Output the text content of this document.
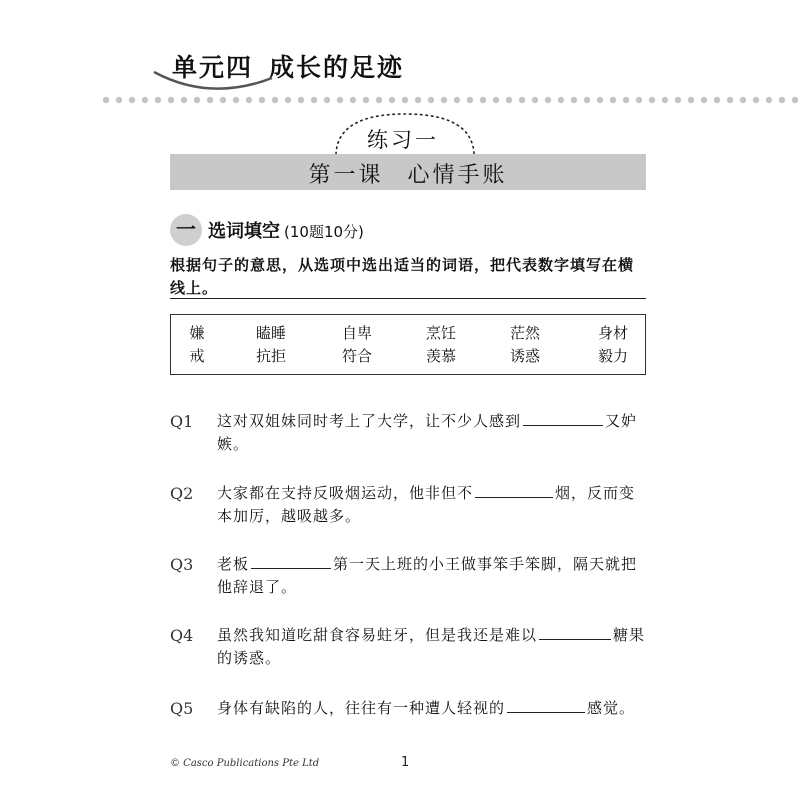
单元四 成长的足迹
练习一
第一课 心情手账
一 选词填空 (10题10分)
根据句子的意思，从选项中选出适当的词语，把代表数字填写在横线上。
嫌	瞌睡	自卑	烹饪	茫然	身材
戒	抗拒	符合	羡慕	诱惑	毅力
Q1 这对双姐妹同时考上了大学，让不少人感到	又妒嫉。
Q2 大家都在支持反吸烟运动，他非但不	烟，反而变本加厉，越吸越多。
Q3 老板	第一天上班的小王做事笨手笨脚，隔天就把他辞退了。
Q4 虽然我知道吃甜食容易蛀牙，但是我还是难以	糖果的诱惑。
Q5 身体有缺陷的人，往往有一种遭人轻视的	感觉。
© Casco Publications Pte Ltd	1
